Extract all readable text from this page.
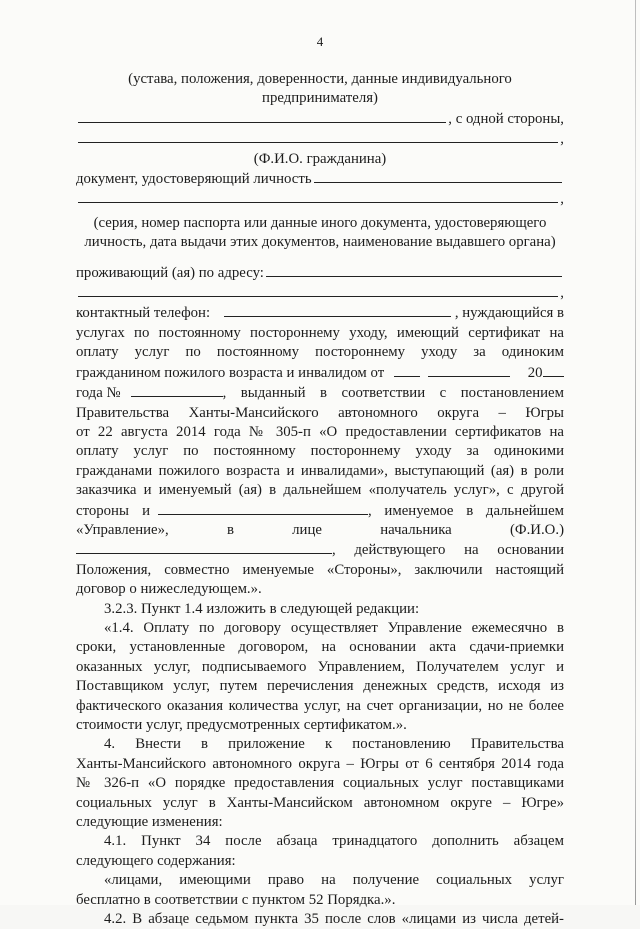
4
(устава, положения, доверенности, данные индивидуального
предпринимателя)
, с одной стороны,
,
(Ф.И.О. гражданина)
документ, удостоверяющий личность
,
(серия, номер паспорта или данные иного документа, удостоверяющего
личность, дата выдачи этих документов, наименование выдавшего органа)
проживающий (ая) по адресу:
,
контактный телефон:	, нуждающийся в
услугах по постоянному постороннему уходу, имеющий сертификат на
оплату услуг по постоянному постороннему уходу за одиноким
гражданином пожилого возраста и инвалидом от	20
года №	, выданный в соответствии с постановлением
Правительства Ханты-Мансийского автономного округа – Югры
от 22 августа 2014 года № 305-п «О предоставлении сертификатов на
оплату услуг по постоянному постороннему уходу за одинокими
гражданами пожилого возраста и инвалидами», выступающий (ая) в роли
заказчика и именуемый (ая) в дальнейшем «получатель услуг», с другой
стороны и	, именуемое в дальнейшем
«Управление», в лице начальника (Ф.И.О.)
, действующего на основании
Положения, совместно именуемые «Стороны», заключили настоящий
договор о нижеследующем.».
3.2.3. Пункт 1.4 изложить в следующей редакции:
«1.4. Оплату по договору осуществляет Управление ежемесячно в
сроки, установленные договором, на основании акта сдачи-приемки
оказанных услуг, подписываемого Управлением, Получателем услуг и
Поставщиком услуг, путем перечисления денежных средств, исходя из
фактического оказания количества услуг, на счет организации, но не более
стоимости услуг, предусмотренных сертификатом.».
4. Внести в приложение к постановлению Правительства
Ханты-Мансийского автономного округа – Югры от 6 сентября 2014 года
№ 326-п «О порядке предоставления социальных услуг поставщиками
социальных услуг в Ханты-Мансийском автономном округе – Югре»
следующие изменения:
4.1. Пункт 34 после абзаца тринадцатого дополнить абзацем
следующего содержания:
«лицами, имеющими право на получение социальных услуг
бесплатно в соответствии с пунктом 52 Порядка.».
4.2. В абзаце седьмом пункта 35 после слов «лицами из числа детей-
